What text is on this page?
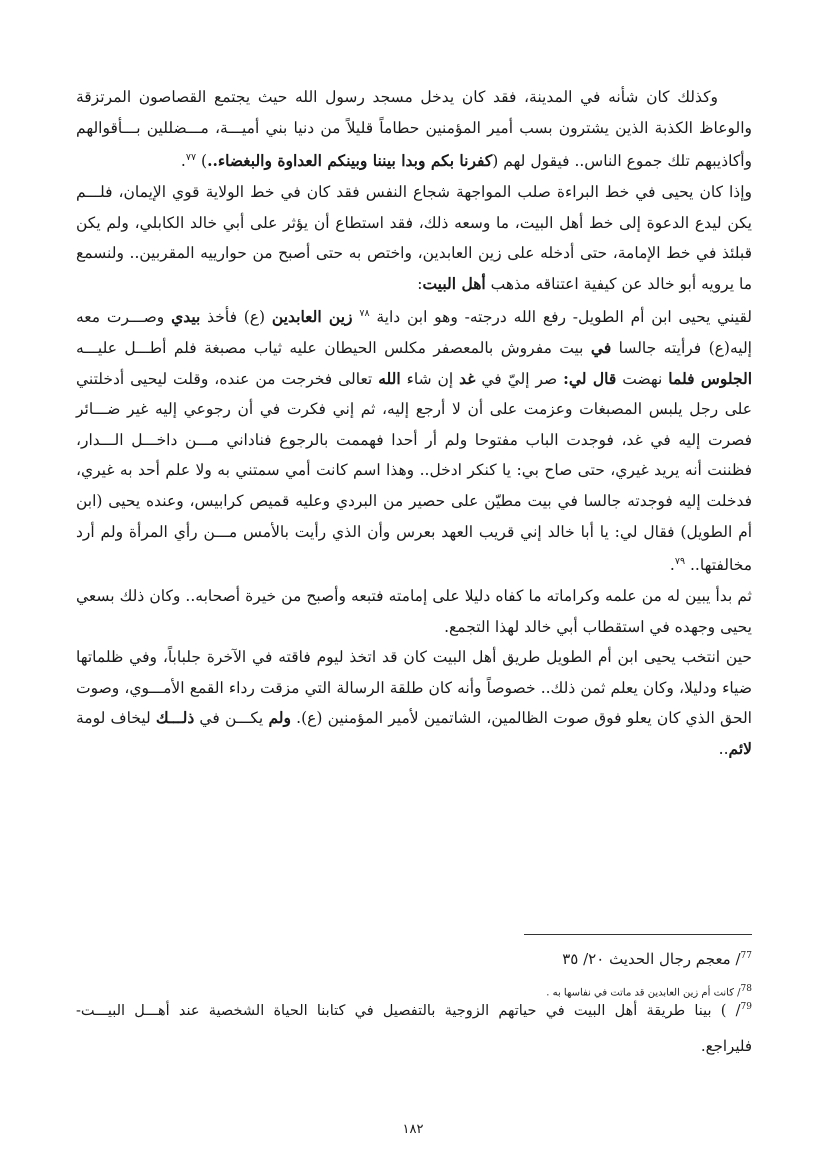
وكذلك كان شأنه في المدينة، فقد كان يدخل مسجد رسول الله حيث يجتمع القصاصون المرتزقة والوعاظ الكذبة الذين يشترون بسب أمير المؤمنين حطاماً قليلاً من دنيا بني أميـــة، مـــضللين بـــأقوالهم وأكاذيبهم تلك جموع الناس.. فيقول لهم (كفرنا بكم وبدا بيننا وبينكم العداوة والبغضاء..) $^{٧٧}$.

وإذا كان يحيى في خط البراءة صلب المواجهة شجاع النفس فقد كان في خط الولاية قوي الإيمان، فلـــم يكن ليدع الدعوة إلى خط أهل البيت، ما وسعه ذلك، فقد استطاع أن يؤثر على أبي خالد الكابلي، ولم يكن قبلئذ في خط الإمامة، حتى أدخله على زين العابدين، واختص به حتى أصبح من حوارييه المقربين.. ولنسمع ما يرويه أبو خالد عن كيفية اعتناقه مذهب أهل البيت:

لقيني يحيى ابن أم الطويل- رفع الله درجته- وهو ابن داية $^{٧٨}$ زين العابدين (ع) فأخذ بيدي وصـــرت معه إليه(ع) فرأيته جالسا في بيت مفروش بالمعصفر مكلس الحيطان عليه ثياب مصبغة فلم أطـــل عليـــه الجلوس فلما نهضت قال لي: صر إليّ في غد إن شاء الله تعالى فخرجت من عنده، وقلت ليحيى أدخلتني على رجل يلبس المصبغات وعزمت على أن لا أرجع إليه، ثم إني فكرت في أن رجوعي إليه غير ضـــائر فصرت إليه في غد، فوجدت الباب مفتوحا ولم أر أحدا فهممت بالرجوع فناداني مـــن داخـــل الـــدار، فظننت أنه يريد غيري، حتى صاح بي: يا كنكر ادخل.. وهذا اسم كانت أمي سمتني به ولا علم أحد به غيري، فدخلت إليه فوجدته جالسا في بيت مطيّن على حصير من البردي وعليه قميص كرابيس، وعنده يحيى (ابن أم الطويل) فقال لي: يا أبا خالد إني قريب العهد بعرس وأن الذي رأيت بالأمس مـــن رأي المرأة ولم أرد مخالفتها.. $^{٧٩}$.

ثم بدأ يبين له من علمه وكراماته ما كفاه دليلا على إمامته فتبعه وأصبح من خيرة أصحابه.. وكان ذلك بسعي يحيى وجهده في استقطاب أبي خالد لهذا التجمع.

حين انتخب يحيى ابن أم الطويل طريق أهل البيت كان قد اتخذ ليوم فاقته في الآخرة جلباباً، وفي ظلماتها ضياء ودليلا، وكان يعلم ثمن ذلك.. خصوصاً وأنه كان طلقة الرسالة التي مزقت رداء القمع الأمـــوي، وصوت الحق الذي كان يعلو فوق صوت الظالمين، الشاتمين لأمير المؤمنين (ع). ولم يكـــن في ذلـــك ليخاف لومة لائم..

$^{77}$/ معجم رجال الحديث ٢٠/ ٣٥
78/ كانت أم زين العابدين قد ماتت في نفاسها به .
$^{79}$/ ) بينا طريقة أهل البيت في حياتهم الزوجية بالتفصيل في كتابنا الحياة الشخصية عند أهـــل البيـــت-
فليراجع.
١٨٢
